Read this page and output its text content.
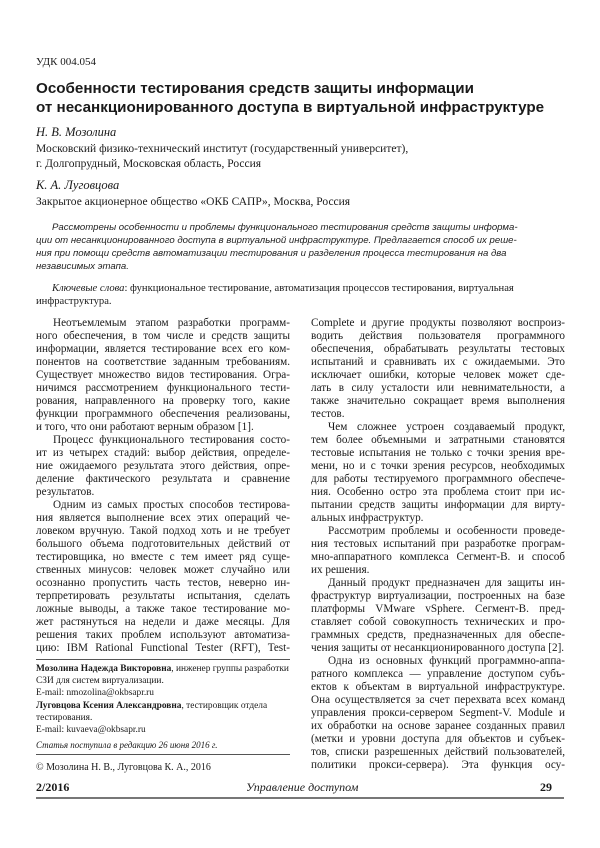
УДК 004.054
Особенности тестирования средств защиты информации
от несанкционированного доступа в виртуальной инфраструктуре
Н. В. Мозолина
Московский физико-технический институт (государственный университет),
г. Долгопрудный, Московская область, Россия
К. А. Луговцова
Закрытое акционерное общество «ОКБ САПР», Москва, Россия
Рассмотрены особенности и проблемы функционального тестирования средств защиты информа-
ции от несанкционированного доступа в виртуальной инфраструктуре. Предлагается способ их реше-
ния при помощи средств автоматизации тестирования и разделения процесса тестирования на два
независимых этапа.
Ключевые слова: функциональное тестирование, автоматизация процессов тестирования, виртуальная инфраструктура.
Неотъемлемым этапом разработки программ-
ного обеспечения, в том числе и средств защиты
информации, является тестирование всех его ком-
понентов на соответствие заданным требованиям.
Существует множество видов тестирования. Огра-
ничимся рассмотрением функционального тести-
рования, направленного на проверку того, какие
функции программного обеспечения реализованы,
и того, что они работают верным образом [1].
Процесс функционального тестирования состо-
ит из четырех стадий: выбор действия, определе-
ние ожидаемого результата этого действия, опре-
деление фактического результата и сравнение
результатов.
Одним из самых простых способов тестирова-
ния является выполнение всех этих операций че-
ловеком вручную. Такой подход хоть и не требует
большого объема подготовительных действий от
тестировщика, но вместе с тем имеет ряд суще-
ственных минусов: человек может случайно или
осознанно пропустить часть тестов, неверно ин-
терпретировать результаты испытания, сделать
ложные выводы, а также такое тестирование мо-
жет растянуться на недели и даже месяцы. Для
решения таких проблем используют автоматиза-
цию: IBM Rational Functional Tester (RFT), Test-
Complete и другие продукты позволяют воспроиз-
водить действия пользователя программного
обеспечения, обрабатывать результаты тестовых
испытаний и сравнивать их с ожидаемыми. Это
исключает ошибки, которые человек может сде-
лать в силу усталости или невнимательности, а
также значительно сокращает время выполнения
тестов.
Чем сложнее устроен создаваемый продукт,
тем более объемными и затратными становятся
тестовые испытания не только с точки зрения вре-
мени, но и с точки зрения ресурсов, необходимых
для работы тестируемого программного обеспече-
ния. Особенно остро эта проблема стоит при ис-
пытании средств защиты информации для вирту-
альных инфраструктур.
Рассмотрим проблемы и особенности проведе-
ния тестовых испытаний при разработке програм-
мно-аппаратного комплекса Сегмент-В. и способ
их решения.
Данный продукт предназначен для защиты ин-
фраструктур виртуализации, построенных на базе
платформы VMware vSphere. Сегмент-В. пред-
ставляет собой совокупность технических и про-
граммных средств, предназначенных для обеспе-
чения защиты от несанкционированного доступа [2].
Одна из основных функций программно-аппа-
ратного комплекса — управление доступом субъ-
ектов к объектам в виртуальной инфраструктуре.
Она осуществляется за счет перехвата всех команд
управления прокси-сервером Segment-V. Module и
их обработки на основе заранее созданных правил
(метки и уровни доступа для объектов и субъек-
тов, списки разрешенных действий пользователей,
политики прокси-сервера). Эта функция осу-
Мозолина Надежда Викторовна, инженер группы разработки СЗИ для систем виртуализации.
E-mail: nmozolina@okbsapr.ru
Луговцова Ксения Александровна, тестировщик отдела тестирования.
E-mail: kuvaeva@okbsapr.ru
Статья поступила в редакцию 26 июня 2016 г.
© Мозолина Н. В., Луговцова К. А., 2016
2/2016	Управление доступом	29
